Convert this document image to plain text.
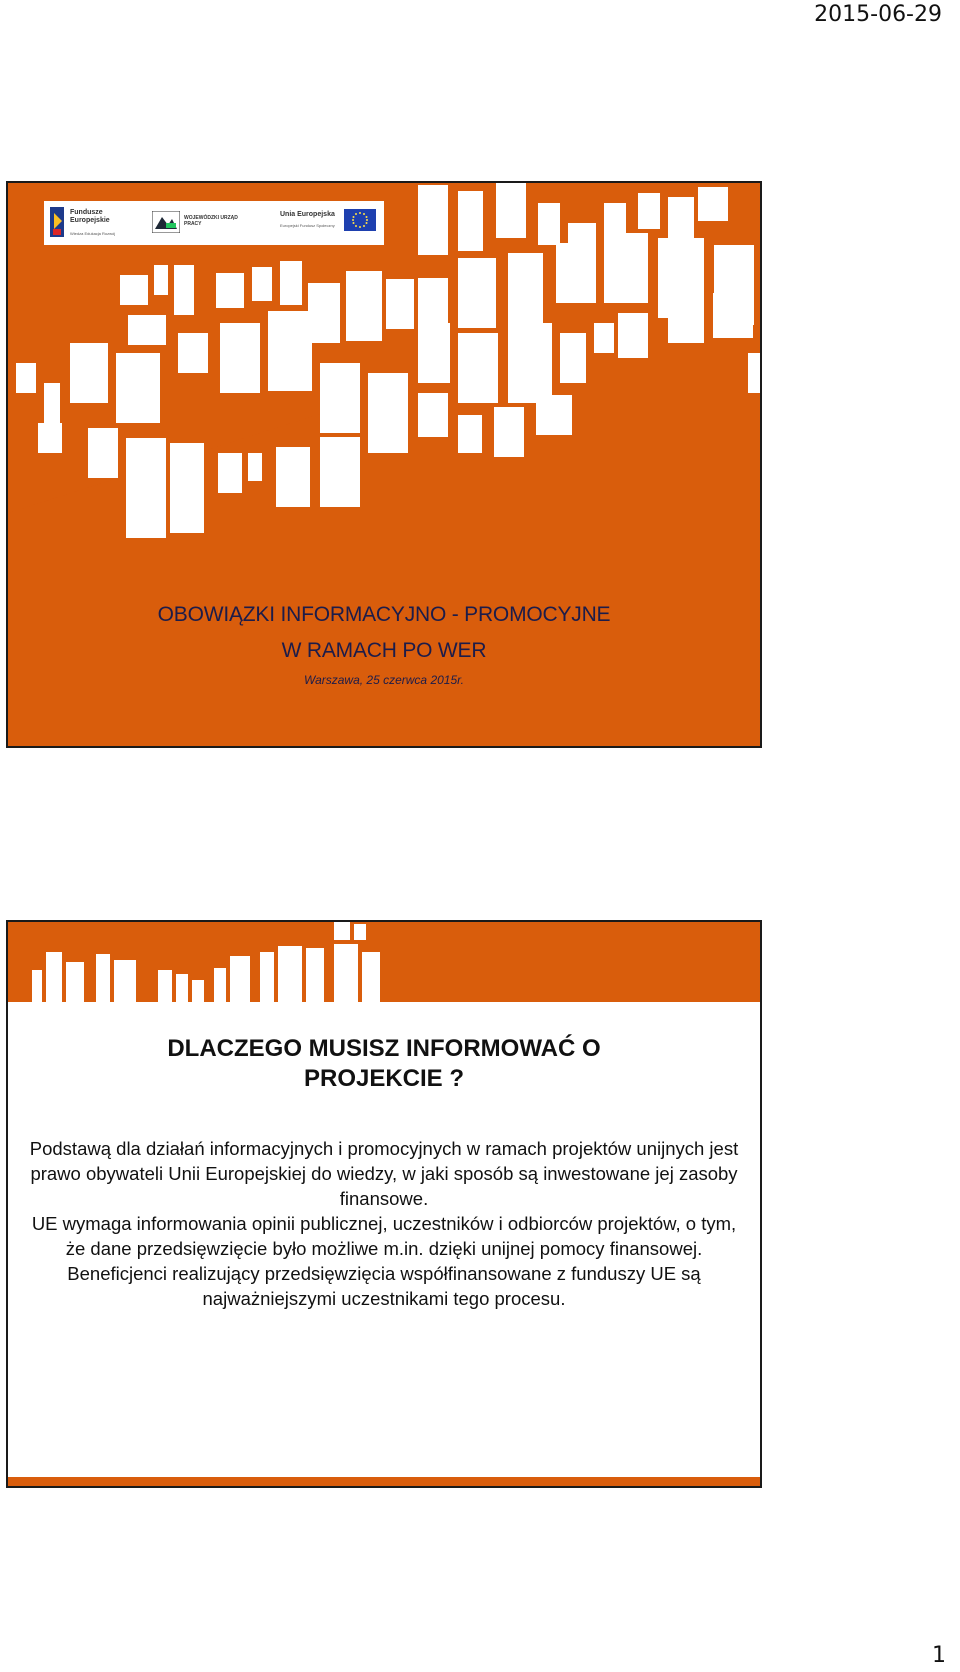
2015-06-29
Fundusze Europejskie
Wiedza Edukacja Rozwój
WOJEWÓDZKI URZĄD PRACY
Unia Europejska
Europejski Fundusz Społeczny
OBOWIĄZKI INFORMACYJNO - PROMOCYJNE
W RAMACH PO WER
Warszawa, 25 czerwca 2015r.
DLACZEGO MUSISZ INFORMOWAĆ O
PROJEKCIE ?

Podstawą dla działań informacyjnych i promocyjnych w ramach projektów unijnych jest prawo obywateli Unii Europejskiej do wiedzy, w jaki sposób są inwestowane jej zasoby finansowe.

UE wymaga informowania opinii publicznej, uczestników i odbiorców projektów, o tym, że dane przedsięwzięcie było możliwe m.in. dzięki unijnej pomocy finansowej.

Beneficjenci realizujący przedsięwzięcia współfinansowane z funduszy UE są najważniejszymi uczestnikami tego procesu.

1
